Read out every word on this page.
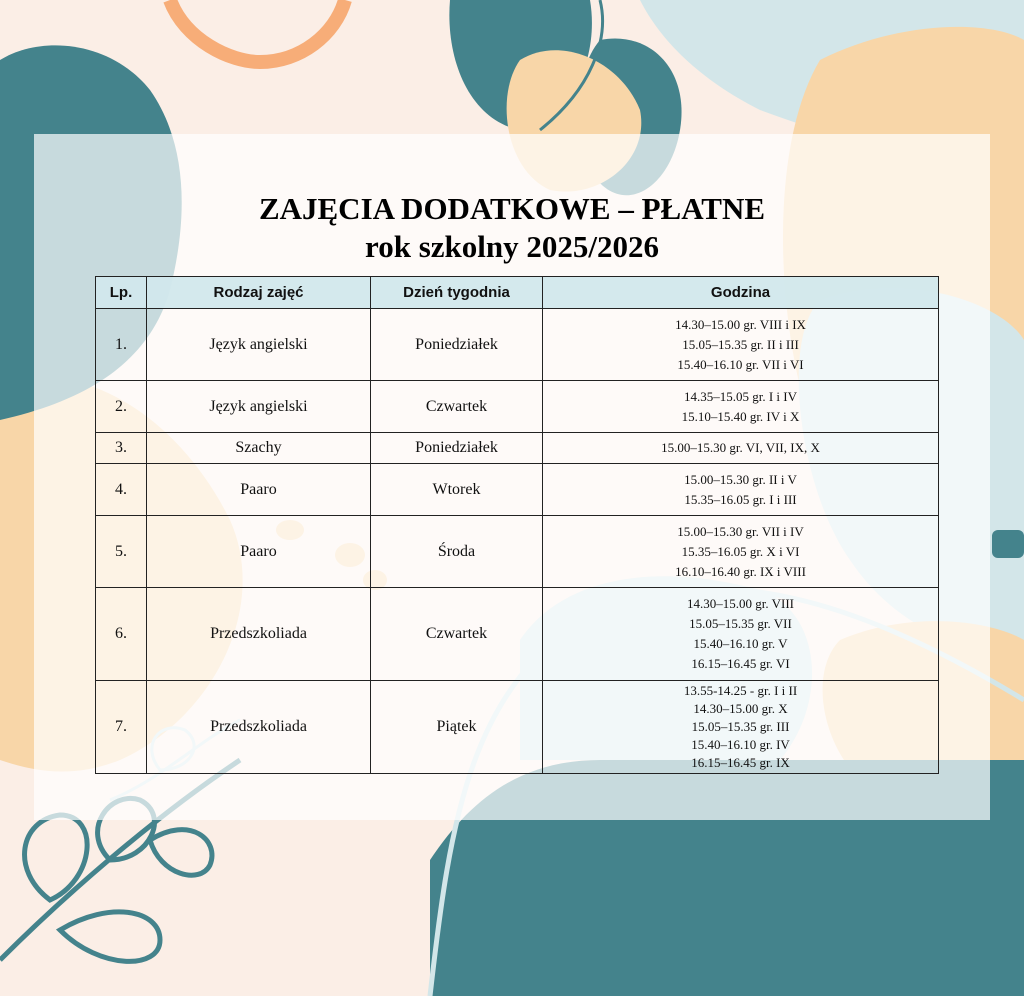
ZAJĘCIA DODATKOWE – PŁATNE
rok szkolny 2025/2026
Lp.	Rodzaj zajęć	Dzień tygodnia	Godzina
1.	Język angielski	Poniedziałek	14.30–15.00 gr. VIII i IX
15.05–15.35 gr. II i III
15.40–16.10 gr. VII i VI

2.	Język angielski	Czwartek	14.35–15.05 gr. I i IV
15.10–15.40 gr. IV i X

3.	Szachy	Poniedziałek	15.00–15.30 gr. VI, VII, IX, X

4.	Paaro	Wtorek	15.00–15.30 gr. II i V
15.35–16.05 gr. I i III

5.	Paaro	Środa	15.00–15.30 gr. VII i IV
15.35–16.05 gr. X i VI
16.10–16.40 gr. IX i VIII

6.	Przedszkoliada	Czwartek	14.30–15.00 gr. VIII
15.05–15.35 gr. VII
15.40–16.10 gr. V
16.15–16.45 gr. VI

7.	Przedszkoliada	Piątek	13.55-14.25 - gr. I i II
14.30–15.00 gr. X
15.05–15.35 gr. III
15.40–16.10 gr. IV
16.15–16.45 gr. IX
